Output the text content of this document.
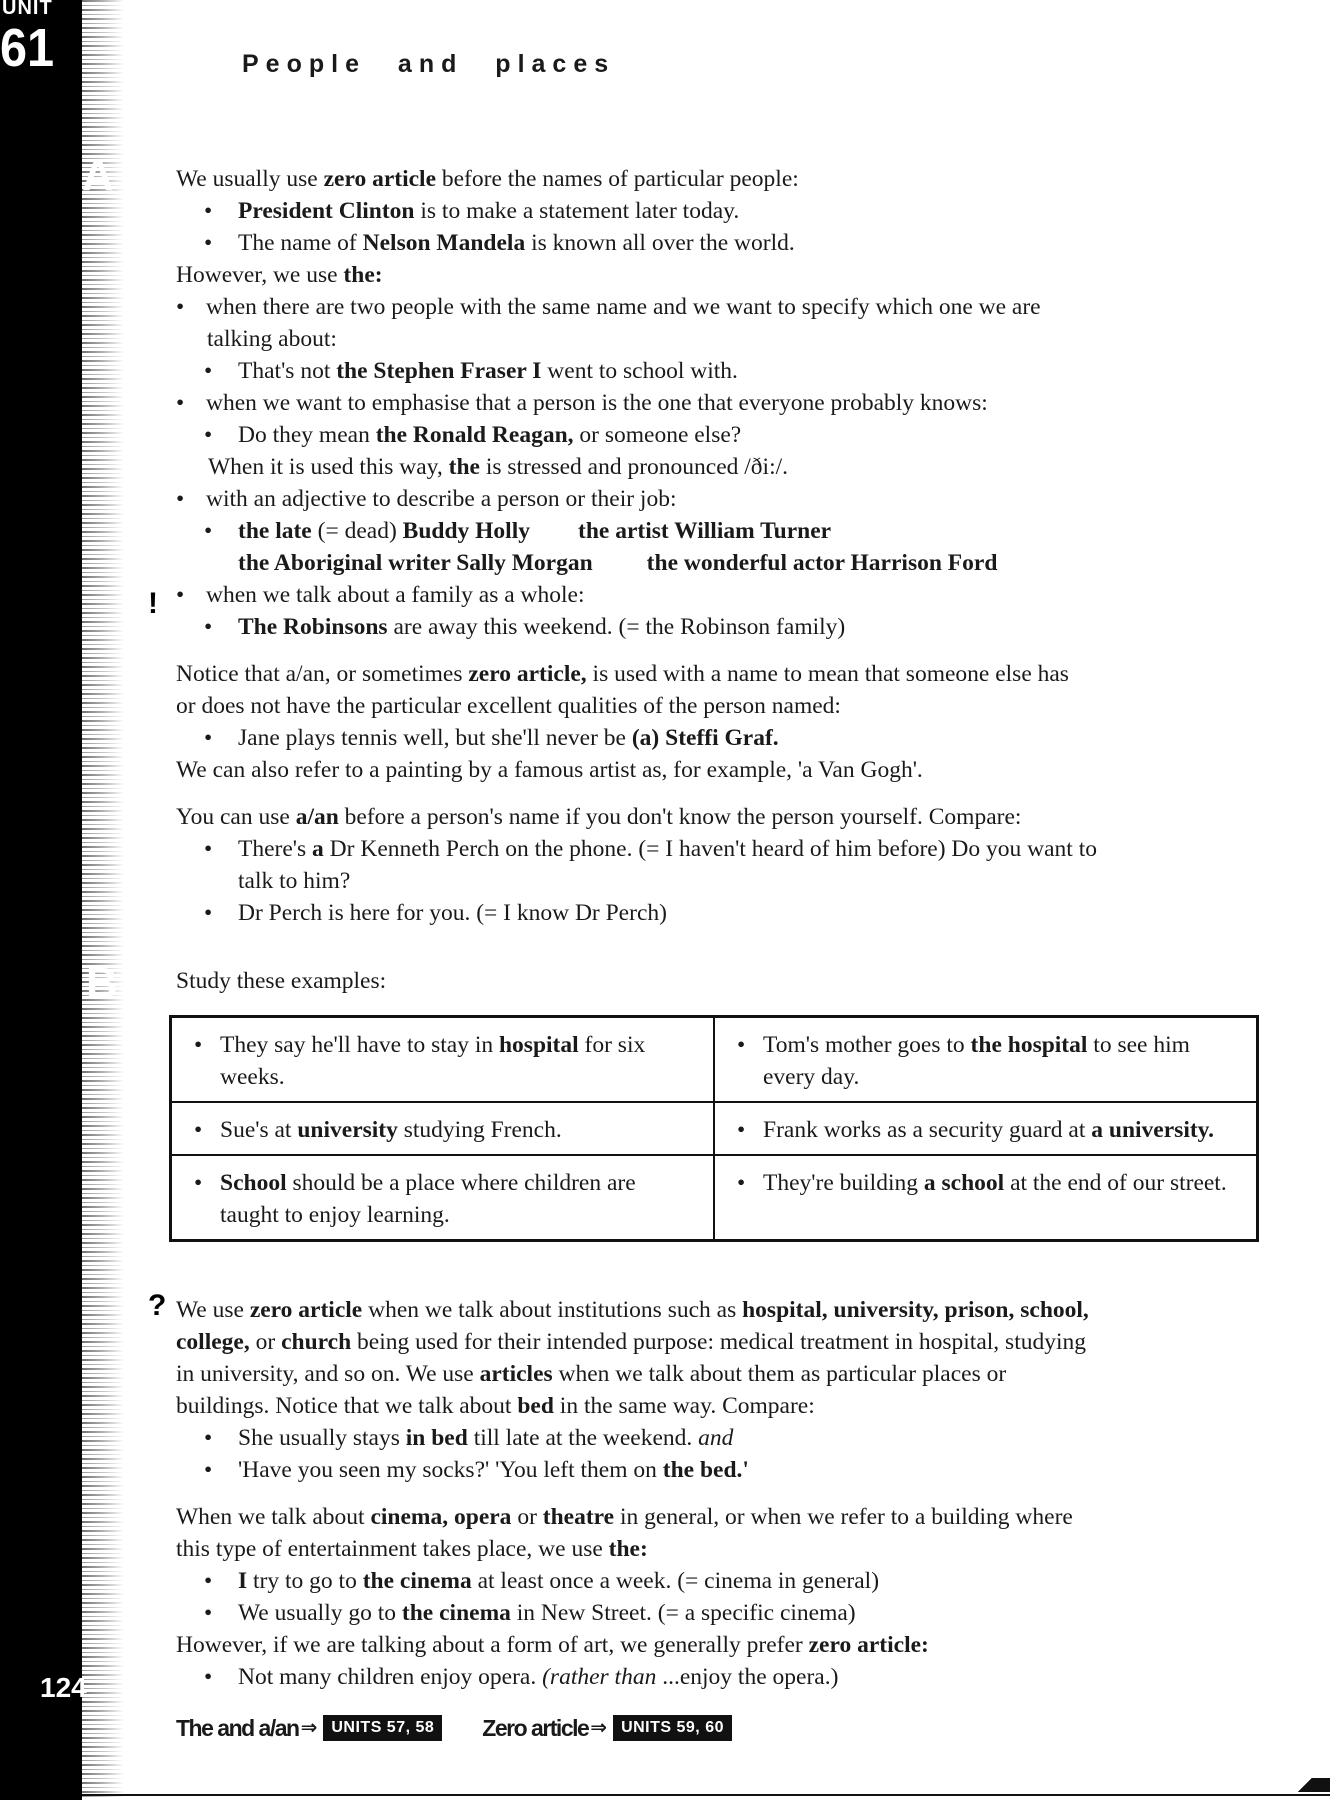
UNIT
61
A
B
124
People and places

We usually use zero article before the names of particular people:

• President Clinton is to make a statement later today.

• The name of Nelson Mandela is known all over the world.

However, we use the:

• when there are two people with the same name and we want to specify which one we are

talking about:

• That's not the Stephen Fraser I went to school with.

• when we want to emphasise that a person is the one that everyone probably knows:

• Do they mean the Ronald Reagan, or someone else?

When it is used this way, the is stressed and pronounced /ði:/.

• with an adjective to describe a person or their job:

• the late (= dead) Buddy Holly the artist William Turner

the Aboriginal writer Sally Morgan the wonderful actor Harrison Ford

• when we talk about a family as a whole:

• The Robinsons are away this weekend. (= the Robinson family)

Notice that a/an, or sometimes zero article, is used with a name to mean that someone else has

or does not have the particular excellent qualities of the person named:

• Jane plays tennis well, but she'll never be (a) Steffi Graf.

We can also refer to a painting by a famous artist as, for example, 'a Van Gogh'.

You can use a/an before a person's name if you don't know the person yourself. Compare:

• There's a Dr Kenneth Perch on the phone. (= I haven't heard of him before) Do you want to

talk to him?

• Dr Perch is here for you. (= I know Dr Perch)

!

Study these examples:

• They say he'll have to stay in hospital for six weeks.	• Tom's mother goes to the hospital to see him every day.
• Sue's at university studying French.	• Frank works as a security guard at a university.
• School should be a place where children are taught to enjoy learning.	• They're building a school at the end of our street.
? We use zero article when we talk about institutions such as hospital, university, prison, school,

college, or church being used for their intended purpose: medical treatment in hospital, studying

in university, and so on. We use articles when we talk about them as particular places or

buildings. Notice that we talk about bed in the same way. Compare:

• She usually stays in bed till late at the weekend. and

• 'Have you seen my socks?' 'You left them on the bed.'

When we talk about cinema, opera or theatre in general, or when we refer to a building where

this type of entertainment takes place, we use the:

• I try to go to the cinema at least once a week. (= cinema in general)

• We usually go to the cinema in New Street. (= a specific cinema)

However, if we are talking about a form of art, we generally prefer zero article:

• Not many children enjoy opera. (rather than ...enjoy the opera.)

The and a/an ⇒ UNITS 57, 58	Zero article ⇒ UNITS 59, 60
